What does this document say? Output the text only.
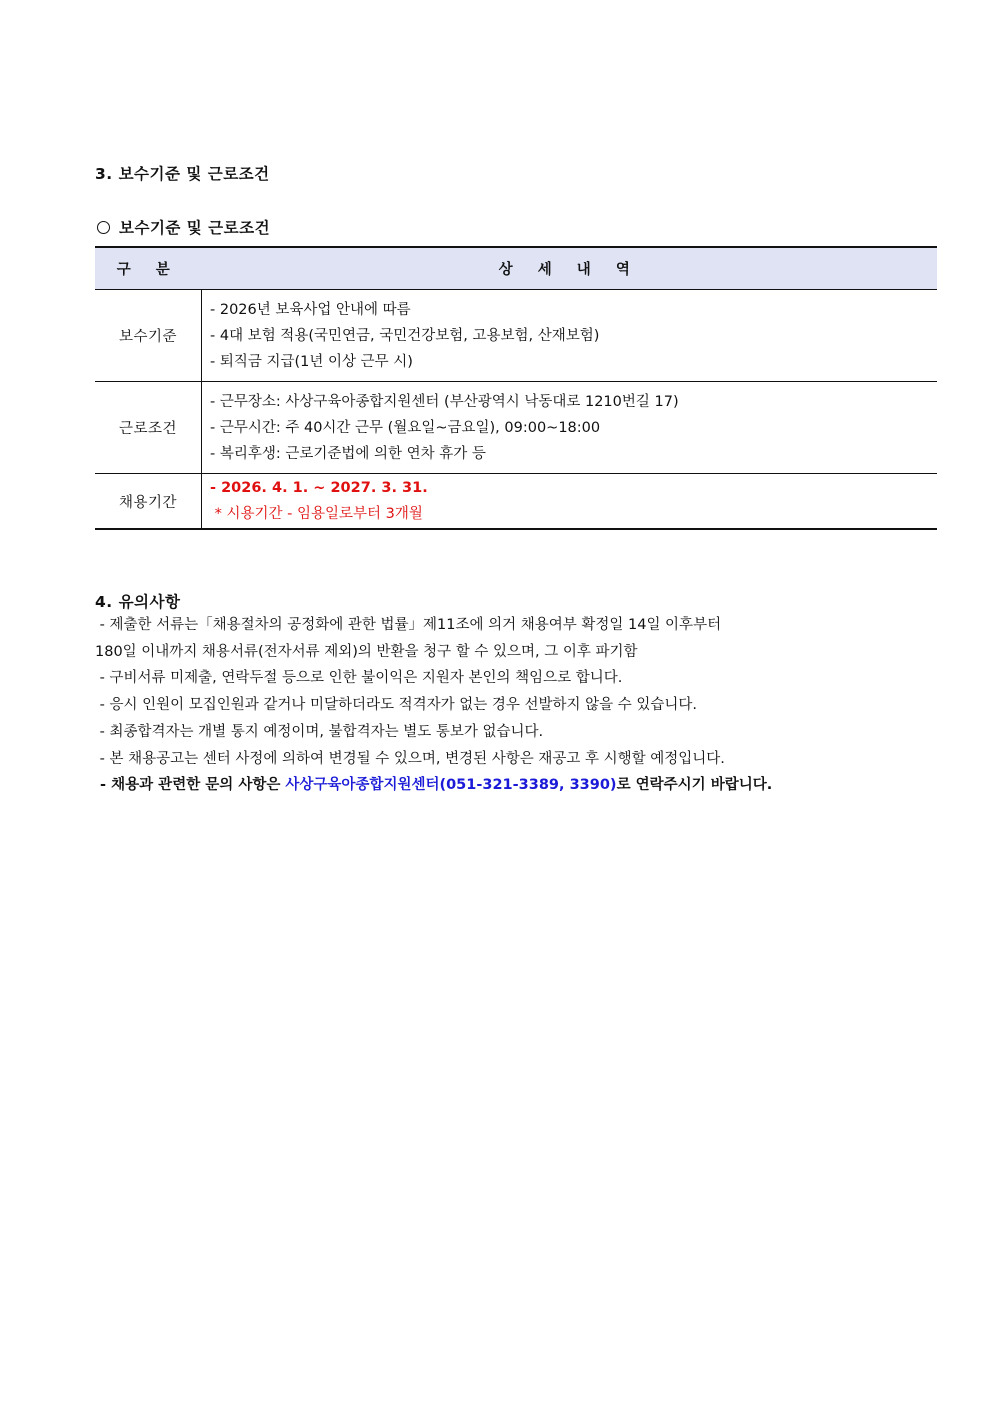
3. 보수기준 및 근로조건
보수기준 및 근로조건
구 분	상 세 내 역
보수기준	- 2026년 보육사업 안내에 따름
- 4대 보험 적용(국민연금, 국민건강보험, 고용보험, 산재보험)
- 퇴직금 지급(1년 이상 근무 시)

근로조건	- 근무장소: 사상구육아종합지원센터 (부산광역시 낙동대로 1210번길 17)
- 근무시간: 주 40시간 근무 (월요일~금요일), 09:00~18:00
- 복리후생: 근로기준법에 의한 연차 휴가 등

채용기간	- 2026. 4. 1. ~ 2027. 3. 31.
* 시용기간 - 임용일로부터 3개월
4. 유의사항

- 제출한 서류는「채용절차의 공정화에 관한 법률」제11조에 의거 채용여부 확정일 14일 이후부터

180일 이내까지 채용서류(전자서류 제외)의 반환을 청구 할 수 있으며, 그 이후 파기함

- 구비서류 미제출, 연락두절 등으로 인한 불이익은 지원자 본인의 책임으로 합니다.

- 응시 인원이 모집인원과 같거나 미달하더라도 적격자가 없는 경우 선발하지 않을 수 있습니다.

- 최종합격자는 개별 통지 예정이며, 불합격자는 별도 통보가 없습니다.

- 본 채용공고는 센터 사정에 의하여 변경될 수 있으며, 변경된 사항은 재공고 후 시행할 예정입니다.

- 채용과 관련한 문의 사항은 사상구육아종합지원센터(051-321-3389, 3390)로 연락주시기 바랍니다.
